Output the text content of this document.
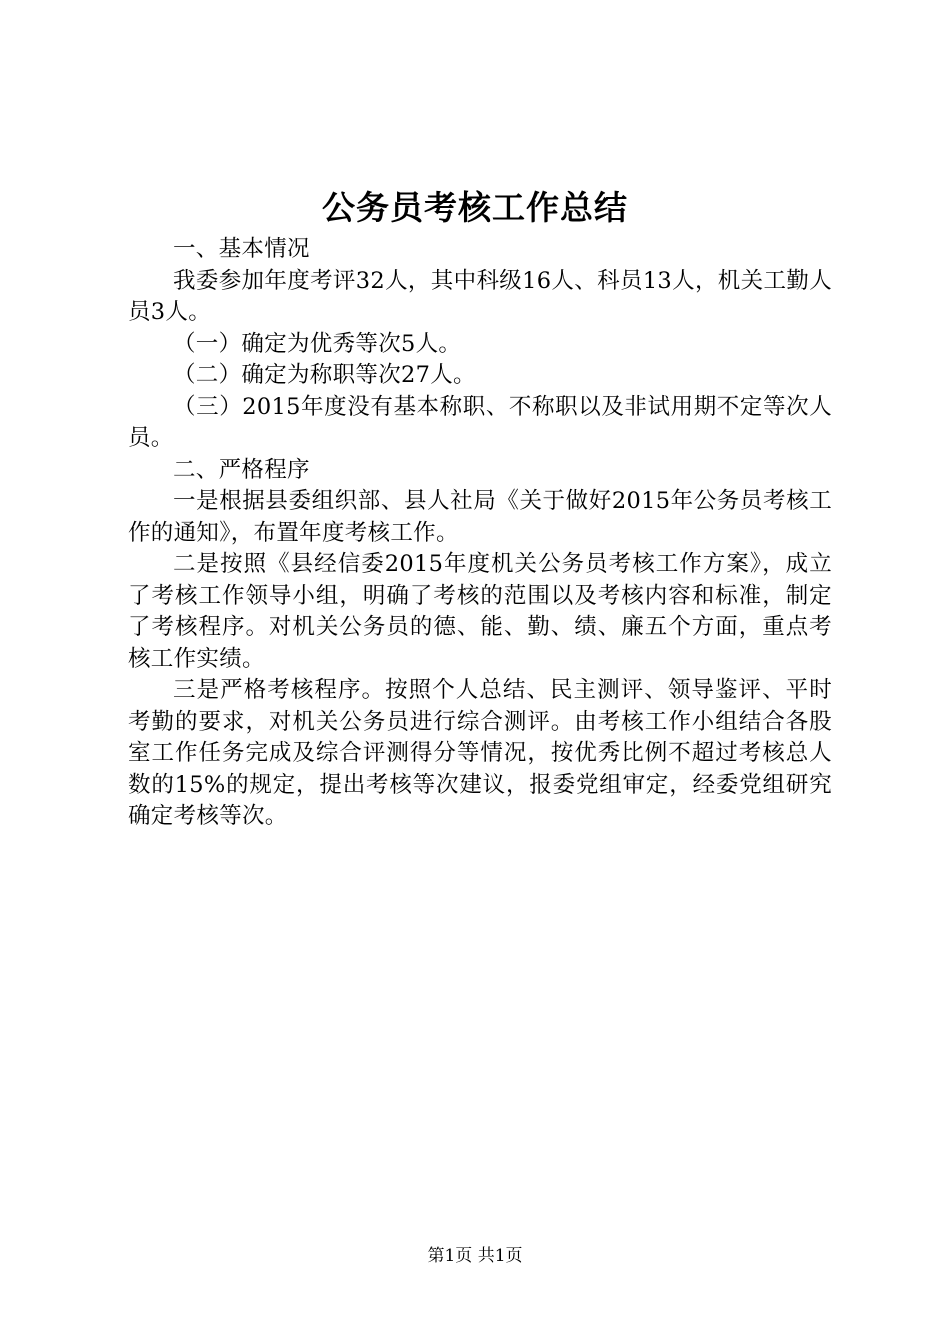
公务员考核工作总结

一、基本情况

我委参加年度考评32人，其中科级16人、科员13人，机关工勤人员3人。

（一）确定为优秀等次5人。

（二）确定为称职等次27人。

（三）2015年度没有基本称职、不称职以及非试用期不定等次人员。

二、严格程序

一是根据县委组织部、县人社局《关于做好2015年公务员考核工作的通知》，布置年度考核工作。

二是按照《县经信委2015年度机关公务员考核工作方案》，成立了考核工作领导小组，明确了考核的范围以及考核内容和标准，制定了考核程序。对机关公务员的德、能、勤、绩、廉五个方面，重点考核工作实绩。

三是严格考核程序。按照个人总结、民主测评、领导鉴评、平时考勤的要求，对机关公务员进行综合测评。由考核工作小组结合各股室工作任务完成及综合评测得分等情况，按优秀比例不超过考核总人数的15%的规定，提出考核等次建议，报委党组审定，经委党组研究确定考核等次。

第1页 共1页
